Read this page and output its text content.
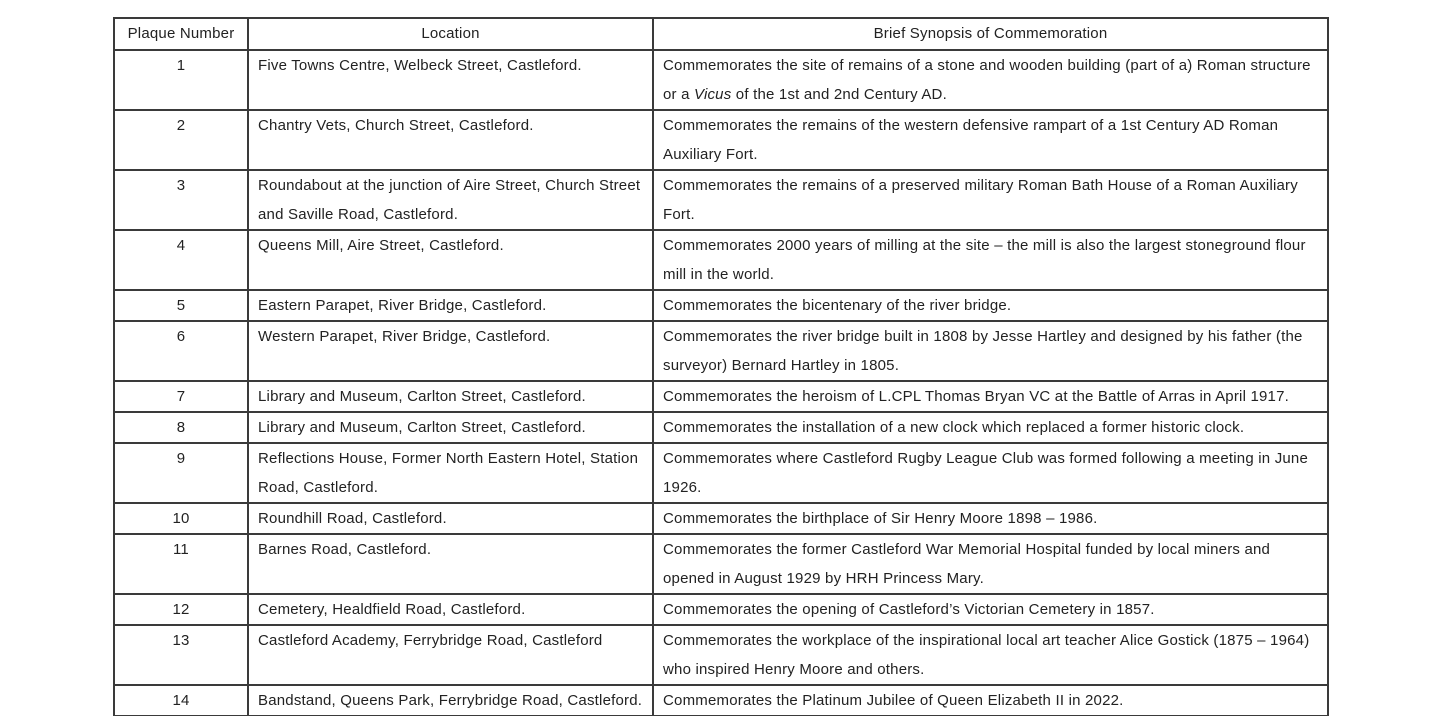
Plaque Number	Location	Brief Synopsis of Commemoration
1	Five Towns Centre, Welbeck Street, Castleford.	Commemorates the site of remains of a stone and wooden building (part of a) Roman structure or a Vicus of the 1st and 2nd Century AD.
2	Chantry Vets, Church Street, Castleford.	Commemorates the remains of the western defensive rampart of a 1st Century AD Roman Auxiliary Fort.
3	Roundabout at the junction of Aire Street, Church Street and Saville Road, Castleford.	Commemorates the remains of a preserved military Roman Bath House of a Roman Auxiliary Fort.
4	Queens Mill, Aire Street, Castleford.	Commemorates 2000 years of milling at the site – the mill is also the largest stoneground flour mill in the world.
5	Eastern Parapet, River Bridge, Castleford.	Commemorates the bicentenary of the river bridge.
6	Western Parapet, River Bridge, Castleford.	Commemorates the river bridge built in 1808 by Jesse Hartley and designed by his father (the surveyor) Bernard Hartley in 1805.
7	Library and Museum, Carlton Street, Castleford.	Commemorates the heroism of L.CPL Thomas Bryan VC at the Battle of Arras in April 1917.
8	Library and Museum, Carlton Street, Castleford.	Commemorates the installation of a new clock which replaced a former historic clock.
9	Reflections House, Former North Eastern Hotel, Station Road, Castleford.	Commemorates where Castleford Rugby League Club was formed following a meeting in June 1926.
10	Roundhill Road, Castleford.	Commemorates the birthplace of Sir Henry Moore 1898 – 1986.
11	Barnes Road, Castleford.	Commemorates the former Castleford War Memorial Hospital funded by local miners and opened in August 1929 by HRH Princess Mary.
12	Cemetery, Healdfield Road, Castleford.	Commemorates the opening of Castleford’s Victorian Cemetery in 1857.
13	Castleford Academy, Ferrybridge Road, Castleford	Commemorates the workplace of the inspirational local art teacher Alice Gostick (1875 – 1964) who inspired Henry Moore and others.
14	Bandstand, Queens Park, Ferrybridge Road, Castleford.	Commemorates the Platinum Jubilee of Queen Elizabeth II in 2022.
